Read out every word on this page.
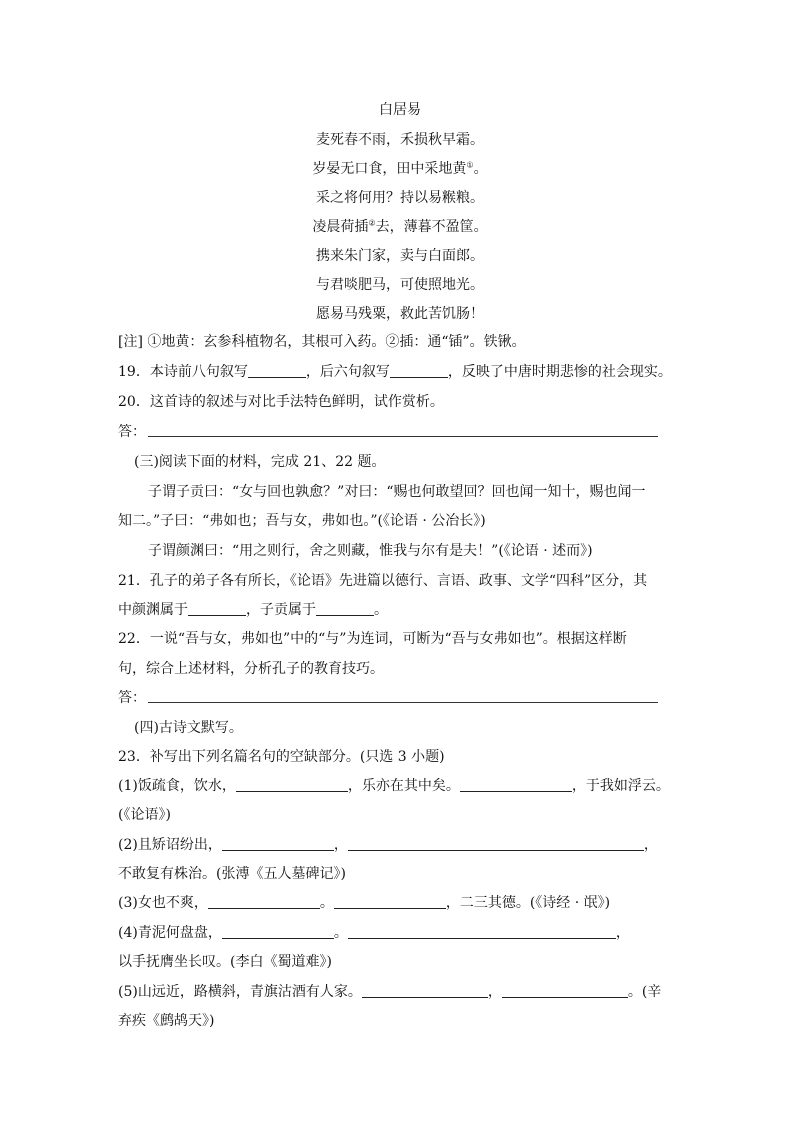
白居易
麦死春不雨，禾损秋早霜。
岁晏无口食，田中采地黄①。
采之将何用？持以易糇粮。
凌晨荷插②去，薄暮不盈筐。
携来朱门家，卖与白面郎。
与君啖肥马，可使照地光。
愿易马残粟，救此苦饥肠！
[注] ①地黄：玄参科植物名，其根可入药。②插：通“锸”。铁锹。
19．本诗前八句叙写	，后六句叙写	，反映了中唐时期悲惨的社会现实。
20．这首诗的叙述与对比手法特色鲜明，试作赏析。
答：
(三)阅读下面的材料，完成 21、22 题。
子谓子贡曰：“女与回也孰愈？”对曰：“赐也何敢望回？回也闻一知十，赐也闻一
知二。”子曰：“弗如也；吾与女，弗如也。”(《论语 · 公冶长》)
子谓颜渊曰：“用之则行，舍之则藏，惟我与尔有是夫！”(《论语 · 述而》)
21．孔子的弟子各有所长，《论语》先进篇以德行、言语、政事、文学“四科”区分，其
中颜渊属于	，子贡属于	。
22．一说“吾与女，弗如也”中的“与”为连词，可断为“吾与女弗如也”。根据这样断
句，综合上述材料，分析孔子的教育技巧。
答：
(四)古诗文默写。
23．补写出下列名篇名句的空缺部分。(只选 3 小题)
(1)饭疏食，饮水，	，乐亦在其中矣。	，于我如浮云。
(《论语》)
(2)且矫诏纷出，	，	，
不敢复有株治。(张溥《五人墓碑记》)
(3)女也不爽，	。	，二三其德。(《诗经 · 氓》)
(4)青泥何盘盘，	。	，
以手抚膺坐长叹。(李白《蜀道难》)
(5)山远近，路横斜，青旗沽酒有人家。	，	。(辛
弃疾《鹧鸪天》)
